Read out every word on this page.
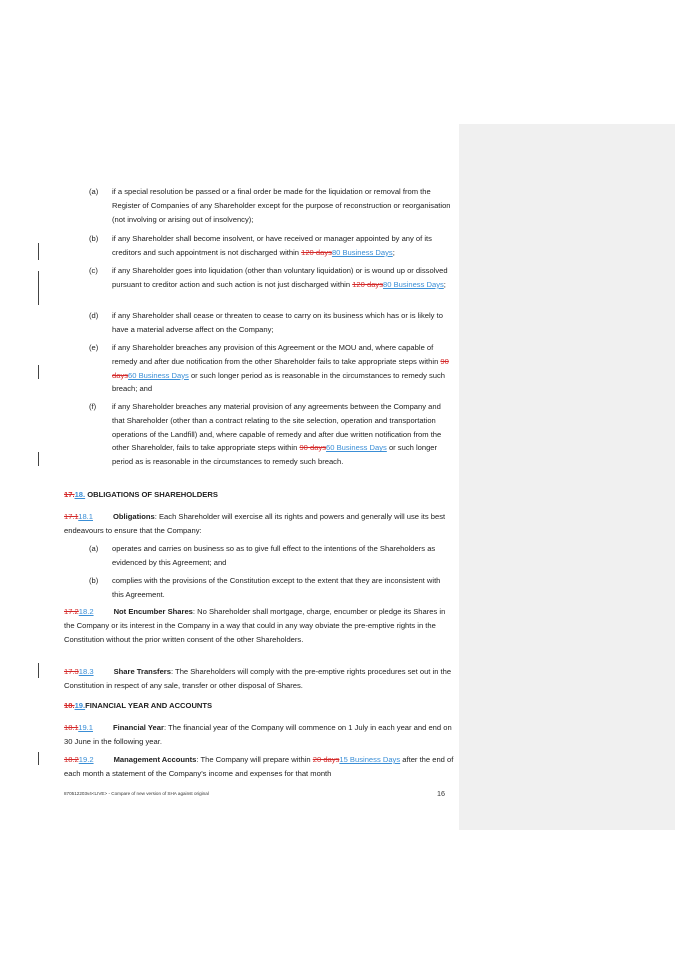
(a) if a special resolution be passed or a final order be made for the liquidation or removal from the Register of Companies of any Shareholder except for the purpose of reconstruction or reorganisation (not involving or arising out of insolvency);
(b) if any Shareholder shall become insolvent, or have received or manager appointed by any of its creditors and such appointment is not discharged within 120 days80 Business Days;
(c) if any Shareholder goes into liquidation (other than voluntary liquidation) or is wound up or dissolved pursuant to creditor action and such action is not just discharged within 120 days80 Business Days;
(d) if any Shareholder shall cease or threaten to cease to carry on its business which has or is likely to have a material adverse affect on the Company;
(e) if any Shareholder breaches any provision of this Agreement or the MOU and, where capable of remedy and after due notification from the other Shareholder fails to take appropriate steps within 90 days60 Business Days or such longer period as is reasonable in the circumstances to remedy such breach; and
(f) if any Shareholder breaches any material provision of any agreements between the Company and that Shareholder (other than a contract relating to the site selection, operation and transportation operations of the Landfill) and, where capable of remedy and after due written notification from the other Shareholder, fails to take appropriate steps within 90 days60 Business Days or such longer period as is reasonable in the circumstances to remedy such breach.
17.18. OBLIGATIONS OF SHAREHOLDERS
17.118.1	Obligations: Each Shareholder will exercise all its rights and powers and generally will use its best endeavours to ensure that the Company:
(a) operates and carries on business so as to give full effect to the intentions of the Shareholders as evidenced by this Agreement; and
(b) complies with the provisions of the Constitution except to the extent that they are inconsistent with this Agreement.
17.218.2	Not Encumber Shares: No Shareholder shall mortgage, charge, encumber or pledge its Shares in the Company or its interest in the Company in a way that could in any way obviate the pre-emptive rights in the Constitution without the prior written consent of the other Shareholders.
17.318.3	Share Transfers: The Shareholders will comply with the pre-emptive rights procedures set out in the Constitution in respect of any sale, transfer or other disposal of Shares.
18.19.FINANCIAL YEAR AND ACCOUNTS
18.119.1	Financial Year: The financial year of the Company will commence on 1 July in each year and end on 30 June in the following year.
18.219.2	Management Accounts: The Company will prepare within 20 days15 Business Days after the end of each month a statement of the Company's income and expenses for that month
870512203v4<LIVE> - Compare of new version of SHA against original	16
